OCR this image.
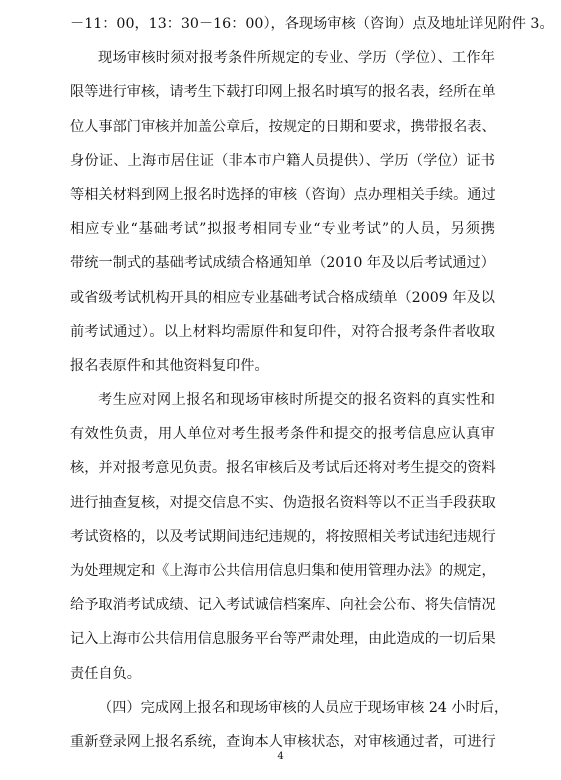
－11：00，13：30－16：00），各现场审核（咨询）点及地址详见附件 3。
现场审核时须对报考条件所规定的专业、学历（学位）、工作年
限等进行审核，请考生下载打印网上报名时填写的报名表，经所在单
位人事部门审核并加盖公章后，按规定的日期和要求，携带报名表、
身份证、上海市居住证（非本市户籍人员提供）、学历（学位）证书
等相关材料到网上报名时选择的审核（咨询）点办理相关手续。通过
相应专业“基础考试”拟报考相同专业“专业考试”的人员，另须携
带统一制式的基础考试成绩合格通知单（2010 年及以后考试通过）
或省级考试机构开具的相应专业基础考试合格成绩单（2009 年及以
前考试通过）。以上材料均需原件和复印件，对符合报考条件者收取
报名表原件和其他资料复印件。
考生应对网上报名和现场审核时所提交的报名资料的真实性和
有效性负责，用人单位对考生报考条件和提交的报考信息应认真审
核，并对报考意见负责。报名审核后及考试后还将对考生提交的资料
进行抽查复核，对提交信息不实、伪造报名资料等以不正当手段获取
考试资格的，以及考试期间违纪违规的，将按照相关考试违纪违规行
为处理规定和《上海市公共信用信息归集和使用管理办法》的规定，
给予取消考试成绩、记入考试诚信档案库、向社会公布、将失信情况
记入上海市公共信用信息服务平台等严肃处理，由此造成的一切后果
责任自负。
（四）完成网上报名和现场审核的人员应于现场审核 24 小时后，
重新登录网上报名系统，查询本人审核状态，对审核通过者，可进行
4
